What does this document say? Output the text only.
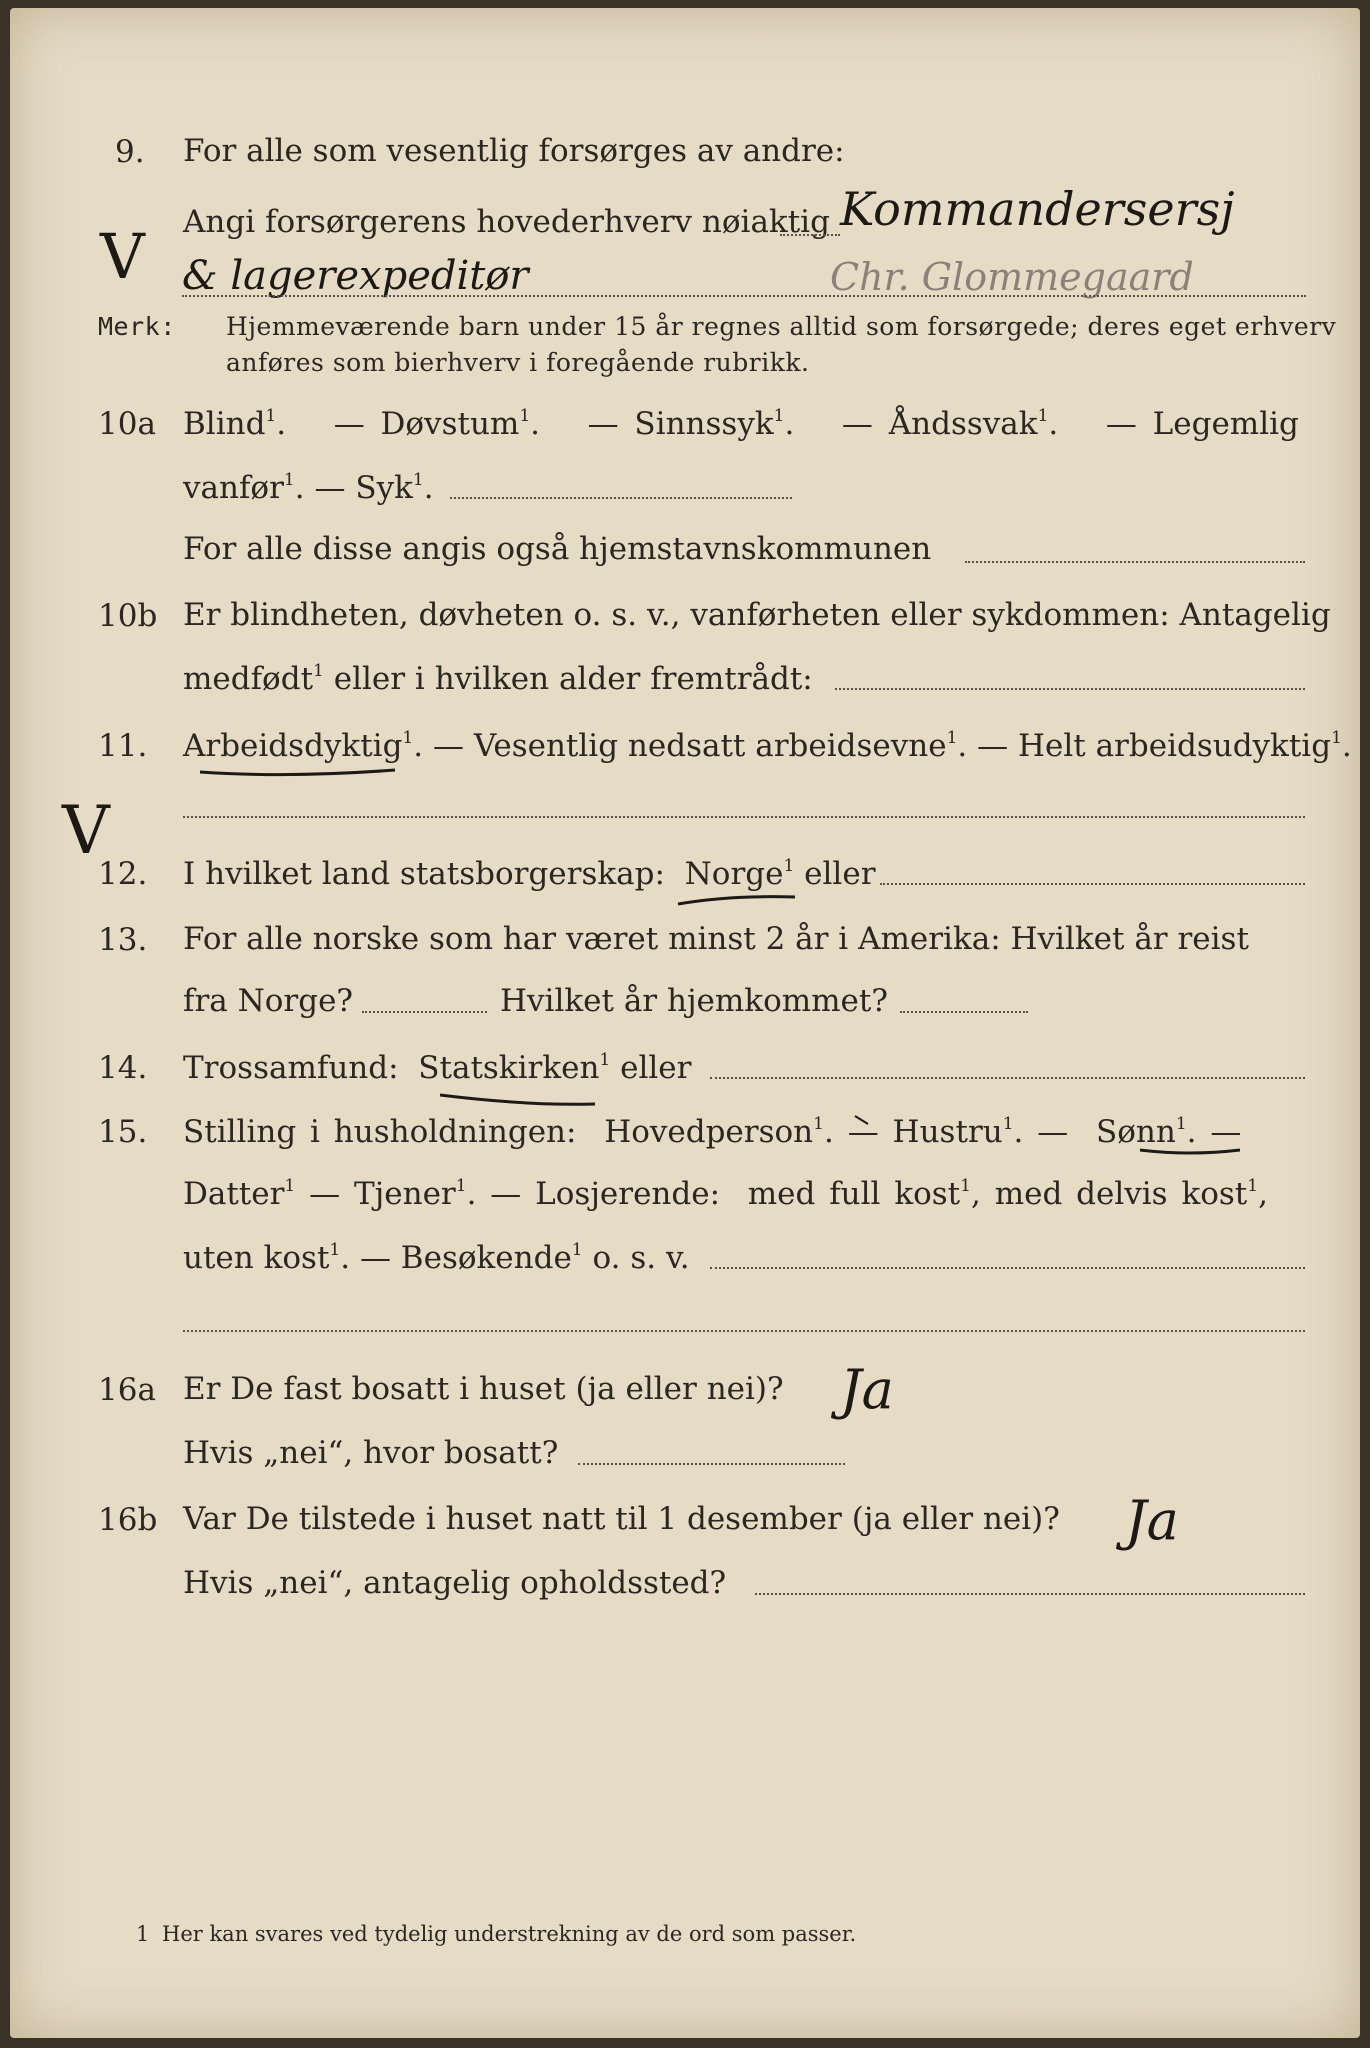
9. For alle som vesentlig forsørges av andre:
Angi forsørgerens hovederhverv nøiaktig Kommandersersj
& lagerexpeditør	Chr. Glommegaard
Merk: Hjemmeværende barn under 15 år regnes alltid som forsørgede; deres eget erhverv
anføres som bierhverv i foregående rubrikk.
10a Blind$^1$.   — Døvstum$^1$.   — Sinnssyk$^1$.   — Åndssvak$^1$.   — Legemlig
vanfør$^1$. — Syk$^1$.
For alle disse angis også hjemstavnskommunen
10b Er blindheten, døvheten o. s. v., vanførheten eller sykdommen: Antagelig
medfødt$^1$ eller i hvilken alder fremtrådt:
11. Arbeidsdyktig$^1$. — Vesentlig nedsatt arbeidsevne$^1$. — Helt arbeidsudyktig$^1$.
12. I hvilket land statsborgerskap: Norge$^1$ eller
13. For alle norske som har været minst 2 år i Amerika: Hvilket år reist
fra Norge?	Hvilket år hjemkommet?
14. Trossamfund: Statskirken$^1$ eller
15. Stilling i husholdningen: Hovedperson$^1$. — Hustru$^1$. — Sønn$^1$. —
Datter$^1$ — Tjener$^1$. — Losjerende: med full kost$^1$, med delvis kost$^1$,
uten kost$^1$. — Besøkende$^1$ o. s. v.
16a Er De fast bosatt i huset (ja eller nei)? Ja
Hvis „nei“, hvor bosatt?
16b Var De tilstede i huset natt til 1 desember (ja eller nei)? Ja
Hvis „nei“, antagelig opholdssted?
1 Her kan svares ved tydelig understrekning av de ord som passer.
V
V
